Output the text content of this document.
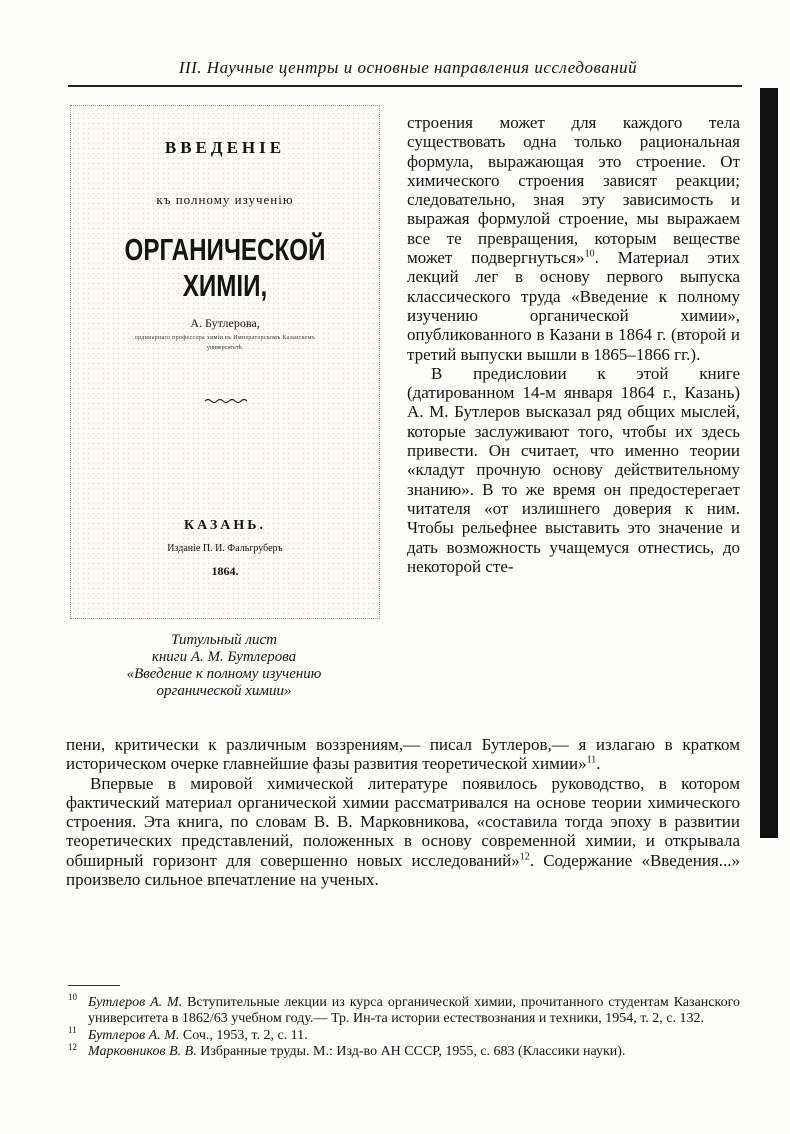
III. Научные центры и основные направления исследований
ВВЕДЕНІЕ
къ полному изученію
ОРГАНИЧЕСКОЙ ХИМІИ,
А. Бутлерова,
ординарнаго профессора химіи въ Императорскомъ Казанскомъ
университетѣ.
КАЗАНЬ.
Изданіе П. И. Фальгруберъ
1864.
Титульный лист
книги А. М. Бутлерова
«Введение к полному изучению
органической химии»

строения может для каждого тела существовать одна только рациональная формула, выражающая это строение. От химического строения зависят реакции; следовательно, зная эту зависимость и выражая формулой строение, мы выражаем все те превращения, которым веществе может подвергнуться»$^{10}$. Материал этих лекций лег в основу первого выпуска классического труда «Введение к полному изучению органической химии», опубликованного в Казани в 1864 г. (второй и третий выпуски вышли в 1865–1866 гг.).

В предисловии к этой книге (датированном 14-м января 1864 г., Казань) А. М. Бутлеров высказал ряд общих мыслей, которые заслуживают того, чтобы их здесь привести. Он считает, что именно теории «кладут прочную основу действительному знанию». В то же время он предостерегает читателя «от излишнего доверия к ним. Чтобы рельефнее выставить это значение и дать возможность учащемуся отнестись, до некоторой сте-

пени, критически к различным воззрениям,— писал Бутлеров,— я излагаю в кратком историческом очерке главнейшие фазы развития теоретической химии»$^{11}$.

Впервые в мировой химической литературе появилось руководство, в котором фактический материал органической химии рассматривался на основе теории химического строения. Эта книга, по словам В. В. Марковникова, «составила тогда эпоху в развитии теоретических представлений, положенных в основу современной химии, и открывала обширный горизонт для совершенно новых исследований»$^{12}$. Содержание «Введения...» произвело сильное впечатление на ученых.

10 Бутлеров А. М. Вступительные лекции из курса органической химии, прочитанного студентам Казанского университета в 1862/63 учебном году.— Тр. Ин-та истории естествознания и техники, 1954, т. 2, с. 132.

11 Бутлеров А. М. Соч., 1953, т. 2, с. 11.

12 Марковников В. В. Избранные труды. М.: Изд-во АН СССР, 1955, с. 683 (Классики науки).
